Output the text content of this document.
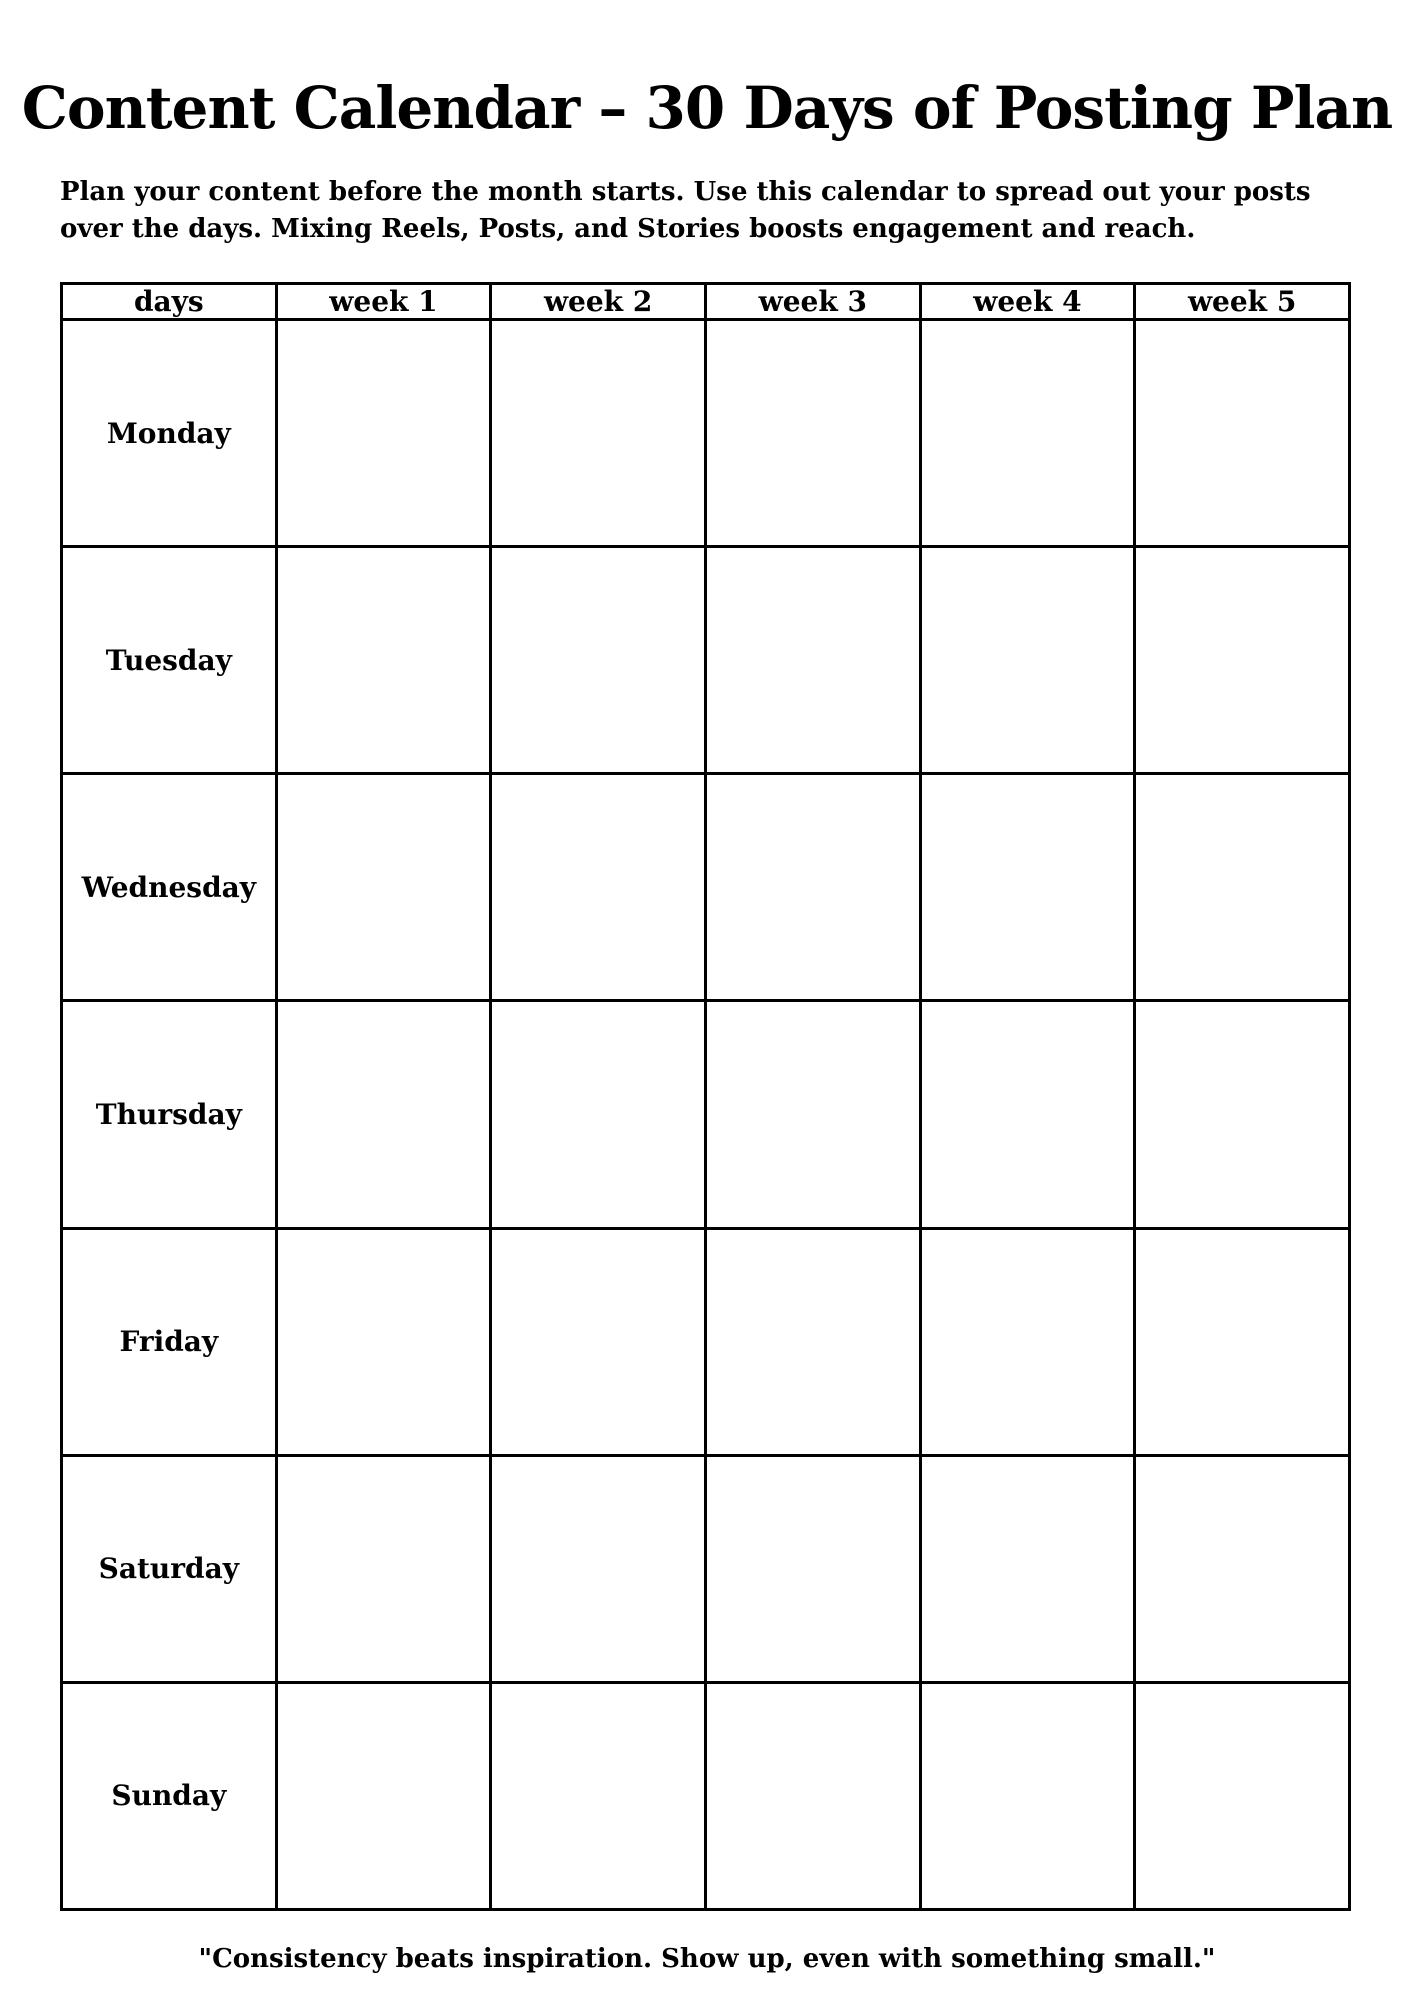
Content Calendar – 30 Days of Posting Plan

Plan your content before the month starts. Use this calendar to spread out your posts over the days. Mixing Reels, Posts, and Stories boosts engagement and reach.

days	week 1	week 2	week 3	week 4	week 5
Monday					
Tuesday					
Wednesday					
Thursday					
Friday					
Saturday					
Sunday					

"Consistency beats inspiration. Show up, even with something small."
